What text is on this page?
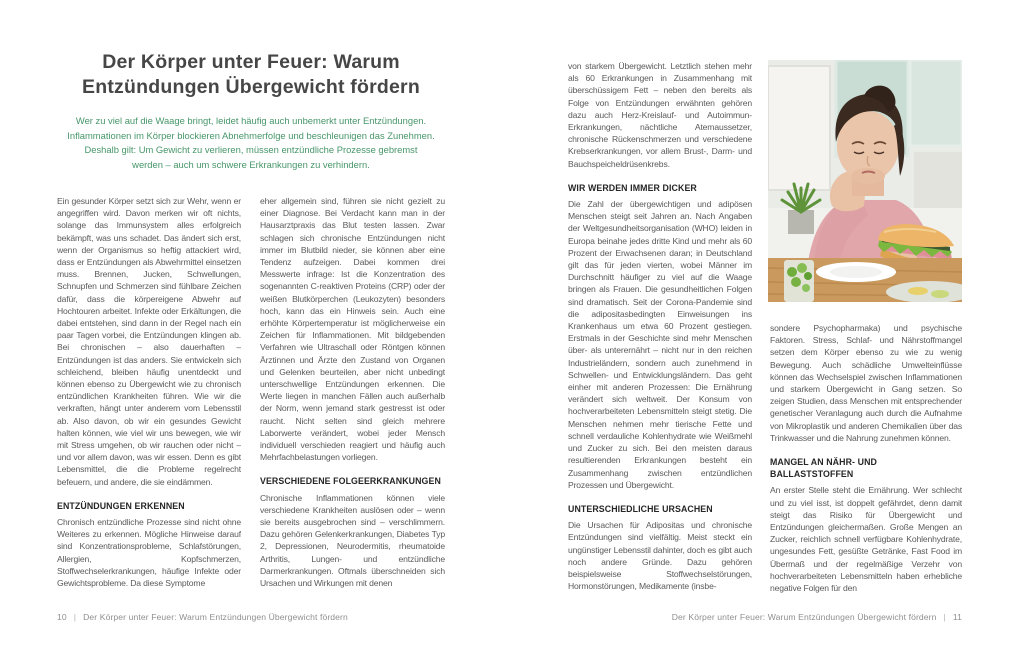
Der Körper unter Feuer: Warum
Entzündungen Übergewicht fördern
Wer zu viel auf die Waage bringt, leidet häufig auch unbemerkt unter Entzündungen.
Inflammationen im Körper blockieren Abnehmerfolge und beschleunigen das Zunehmen.
Deshalb gilt: Um Gewicht zu verlieren, müssen entzündliche Prozesse gebremst
werden – auch um schwere Erkrankungen zu verhindern.

Ein gesunder Körper setzt sich zur Wehr, wenn er angegriffen wird. Davon merken wir oft nichts, solange das Immunsystem alles erfolgreich bekämpft, was uns schadet. Das ändert sich erst, wenn der Organismus so heftig attackiert wird, dass er Entzündungen als Abwehrmittel einsetzen muss. Brennen, Jucken, Schwellungen, Schnupfen und Schmerzen sind fühlbare Zeichen dafür, dass die körpereigene Abwehr auf Hochtouren arbeitet. Infekte oder Erkältungen, die dabei entstehen, sind dann in der Regel nach ein paar Tagen vorbei, die Entzündungen klingen ab. Bei chronischen – also dauerhaften – Entzündungen ist das anders. Sie entwickeln sich schleichend, bleiben häufig unentdeckt und können ebenso zu Übergewicht wie zu chronisch entzündlichen Krankheiten führen. Wie wir die verkraften, hängt unter anderem vom Lebensstil ab. Also davon, ob wir ein gesundes Gewicht halten können, wie viel wir uns bewegen, wie wir mit Stress umgehen, ob wir rauchen oder nicht – und vor allem davon, was wir essen. Denn es gibt Lebensmittel, die die Probleme regelrecht befeuern, und andere, die sie eindämmen.

ENTZÜNDUNGEN ERKENNEN

Chronisch entzündliche Prozesse sind nicht ohne Weiteres zu erkennen. Mögliche Hinweise darauf sind Konzentrationsprobleme, Schlafstörungen, Allergien, Kopfschmerzen, Stoffwechselerkrankungen, häufige Infekte oder Gewichtsprobleme. Da diese Symptome

eher allgemein sind, führen sie nicht gezielt zu einer Diagnose. Bei Verdacht kann man in der Hausarztpraxis das Blut testen lassen. Zwar schlagen sich chronische Entzündungen nicht immer im Blutbild nieder, sie können aber eine Tendenz aufzeigen. Dabei kommen drei Messwerte infrage: Ist die Konzentration des sogenannten C-reaktiven Proteins (CRP) oder der weißen Blutkörperchen (Leukozyten) besonders hoch, kann das ein Hinweis sein. Auch eine erhöhte Körpertemperatur ist möglicherweise ein Zeichen für Inflammationen. Mit bildgebenden Verfahren wie Ultraschall oder Röntgen können Ärztinnen und Ärzte den Zustand von Organen und Gelenken beurteilen, aber nicht unbedingt unterschwellige Entzündungen erkennen. Die Werte liegen in manchen Fällen auch außerhalb der Norm, wenn jemand stark gestresst ist oder raucht. Nicht selten sind gleich mehrere Laborwerte verändert, wobei jeder Mensch individuell verschieden reagiert und häufig auch Mehrfachbelastungen vorliegen.

VERSCHIEDENE FOLGEERKRANKUNGEN

Chronische Inflammationen können viele verschiedene Krankheiten auslösen oder – wenn sie bereits ausgebrochen sind – verschlimmern. Dazu gehören Gelenkerkrankungen, Diabetes Typ 2, Depressionen, Neurodermitis, rheumatoide Arthritis, Lungen- und entzündliche Darmerkrankungen. Oftmals überschneiden sich Ursachen und Wirkungen mit denen

10 | Der Körper unter Feuer: Warum Entzündungen Übergewicht fördern

von starkem Übergewicht. Letztlich stehen mehr als 60 Erkrankungen in Zusammenhang mit überschüssigem Fett – neben den bereits als Folge von Entzündungen erwähnten gehören dazu auch Herz-Kreislauf- und Autoimmun-Erkrankungen, nächtliche Atemaussetzer, chronische Rückenschmerzen und verschiedene Krebserkrankungen, vor allem Brust-, Darm- und Bauchspeicheldrüsenkrebs.

WIR WERDEN IMMER DICKER

Die Zahl der übergewichtigen und adipösen Menschen steigt seit Jahren an. Nach Angaben der Weltgesundheitsorganisation (WHO) leiden in Europa beinahe jedes dritte Kind und mehr als 60 Prozent der Erwachsenen daran; in Deutschland gilt das für jeden vierten, wobei Männer im Durchschnitt häufiger zu viel auf die Waage bringen als Frauen. Die gesundheitlichen Folgen sind dramatisch. Seit der Corona-Pandemie sind die adipositasbedingten Einweisungen ins Krankenhaus um etwa 60 Prozent gestiegen. Erstmals in der Geschichte sind mehr Menschen über- als unterernährt – nicht nur in den reichen Industrieländern, sondern auch zunehmend in Schwellen- und Entwicklungsländern. Das geht einher mit anderen Prozessen: Die Ernährung verändert sich weltweit. Der Konsum von hochverarbeiteten Lebensmitteln steigt stetig. Die Menschen nehmen mehr tierische Fette und schnell verdauliche Kohlenhydrate wie Weißmehl und Zucker zu sich. Bei den meisten daraus resultierenden Erkrankungen besteht ein Zusammenhang zwischen entzündlichen Prozessen und Übergewicht.

UNTERSCHIEDLICHE URSACHEN

Die Ursachen für Adipositas und chronische Entzündungen sind vielfältig. Meist steckt ein ungünstiger Lebensstil dahinter, doch es gibt auch noch andere Gründe. Dazu gehören beispielsweise Stoffwechselstörungen, Hormonstörungen, Medikamente (insbe-

sondere Psychopharmaka) und psychische Faktoren. Stress, Schlaf- und Nährstoffmangel setzen dem Körper ebenso zu wie zu wenig Bewegung. Auch schädliche Umwelteinflüsse können das Wechselspiel zwischen Inflammationen und starkem Übergewicht in Gang setzen. So zeigen Studien, dass Menschen mit entsprechender genetischer Veranlagung auch durch die Aufnahme von Mikroplastik und anderen Chemikalien über das Trinkwasser und die Nahrung zunehmen können.

MANGEL AN NÄHR- UND BALLASTSTOFFEN

An erster Stelle steht die Ernährung. Wer schlecht und zu viel isst, ist doppelt gefährdet, denn damit steigt das Risiko für Übergewicht und Entzündungen gleichermaßen. Große Mengen an Zucker, reichlich schnell verfügbare Kohlenhydrate, ungesundes Fett, gesüßte Getränke, Fast Food im Übermaß und der regelmäßige Verzehr von hochverarbeiteten Lebensmitteln haben erhebliche negative Folgen für den

Der Körper unter Feuer: Warum Entzündungen Übergewicht fördern | 11
